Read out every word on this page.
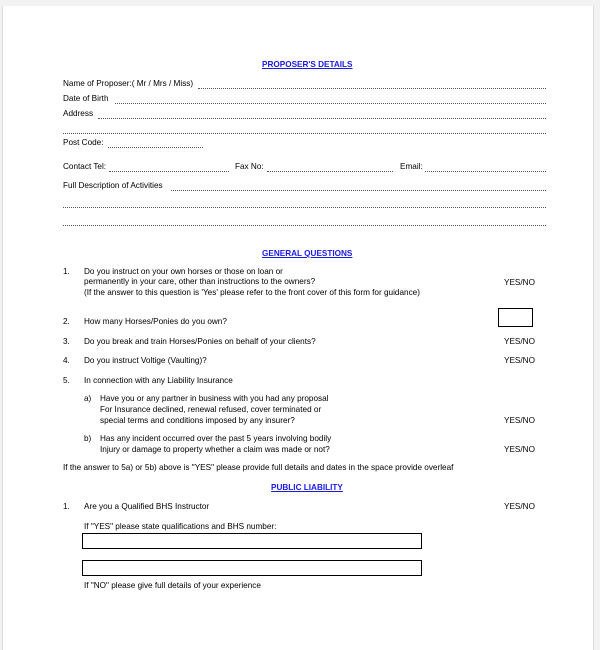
PROPOSER'S DETAILS
Name of Proposer:( Mr / Mrs / Miss)
Date of Birth
Address
Post Code:
Contact Tel:	Fax No:	Email:
Full Description of Activities
GENERAL QUESTIONS
1. Do you instruct on your own horses or those on loan or
permanently in your care, other than instructions to the owners?
(If the answer to this question is 'Yes' please refer to the front cover of this form for guidance)
YES/NO
2. How many Horses/Ponies do you own?
3. Do you break and train Horses/Ponies on behalf of your clients?	YES/NO
4. Do you instruct Voltige (Vaulting)?	YES/NO
5. In connection with any Liability Insurance
a) Have you or any partner in business with you had any proposal
For Insurance declined, renewal refused, cover terminated or
special terms and conditions imposed by any insurer?	YES/NO
b) Has any incident occurred over the past 5 years involving bodily
Injury or damage to property whether a claim was made or not?	YES/NO
If the answer to 5a) or 5b) above is "YES" please provide full details and dates in the space provide overleaf
PUBLIC LIABILITY
1. Are you a Qualified BHS Instructor	YES/NO
If "YES" please state qualifications and BHS number:
If "NO" please give full details of your experience
